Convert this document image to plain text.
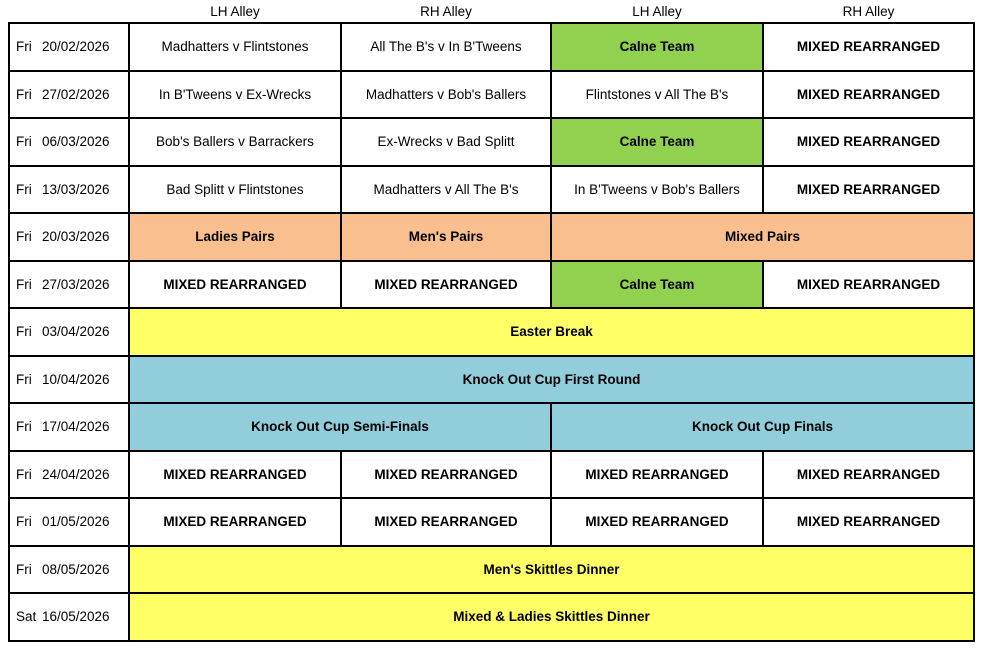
	LH Alley	RH Alley	LH Alley	RH Alley
Fri 20/02/2026	Madhatters v Flintstones	All The B's v In B'Tweens	Calne Team	MIXED REARRANGED
Fri 27/02/2026	In B'Tweens v Ex-Wrecks	Madhatters v Bob's Ballers	Flintstones v All The B's	MIXED REARRANGED
Fri 06/03/2026	Bob's Ballers v Barrackers	Ex-Wrecks v Bad Splitt	Calne Team	MIXED REARRANGED
Fri 13/03/2026	Bad Splitt v Flintstones	Madhatters v All The B's	In B'Tweens v Bob's Ballers	MIXED REARRANGED
Fri 20/03/2026	Ladies Pairs	Men's Pairs	Mixed Pairs	
Fri 27/03/2026	MIXED REARRANGED	MIXED REARRANGED	Calne Team	MIXED REARRANGED
Fri 03/04/2026	Easter Break			
Fri 10/04/2026	Knock Out Cup First Round			
Fri 17/04/2026	Knock Out Cup Semi-Finals		Knock Out Cup Finals	
Fri 24/04/2026	MIXED REARRANGED	MIXED REARRANGED	MIXED REARRANGED	MIXED REARRANGED
Fri 01/05/2026	MIXED REARRANGED	MIXED REARRANGED	MIXED REARRANGED	MIXED REARRANGED
Fri 08/05/2026	Men's Skittles Dinner			
Sat 16/05/2026	Mixed & Ladies Skittles Dinner			
